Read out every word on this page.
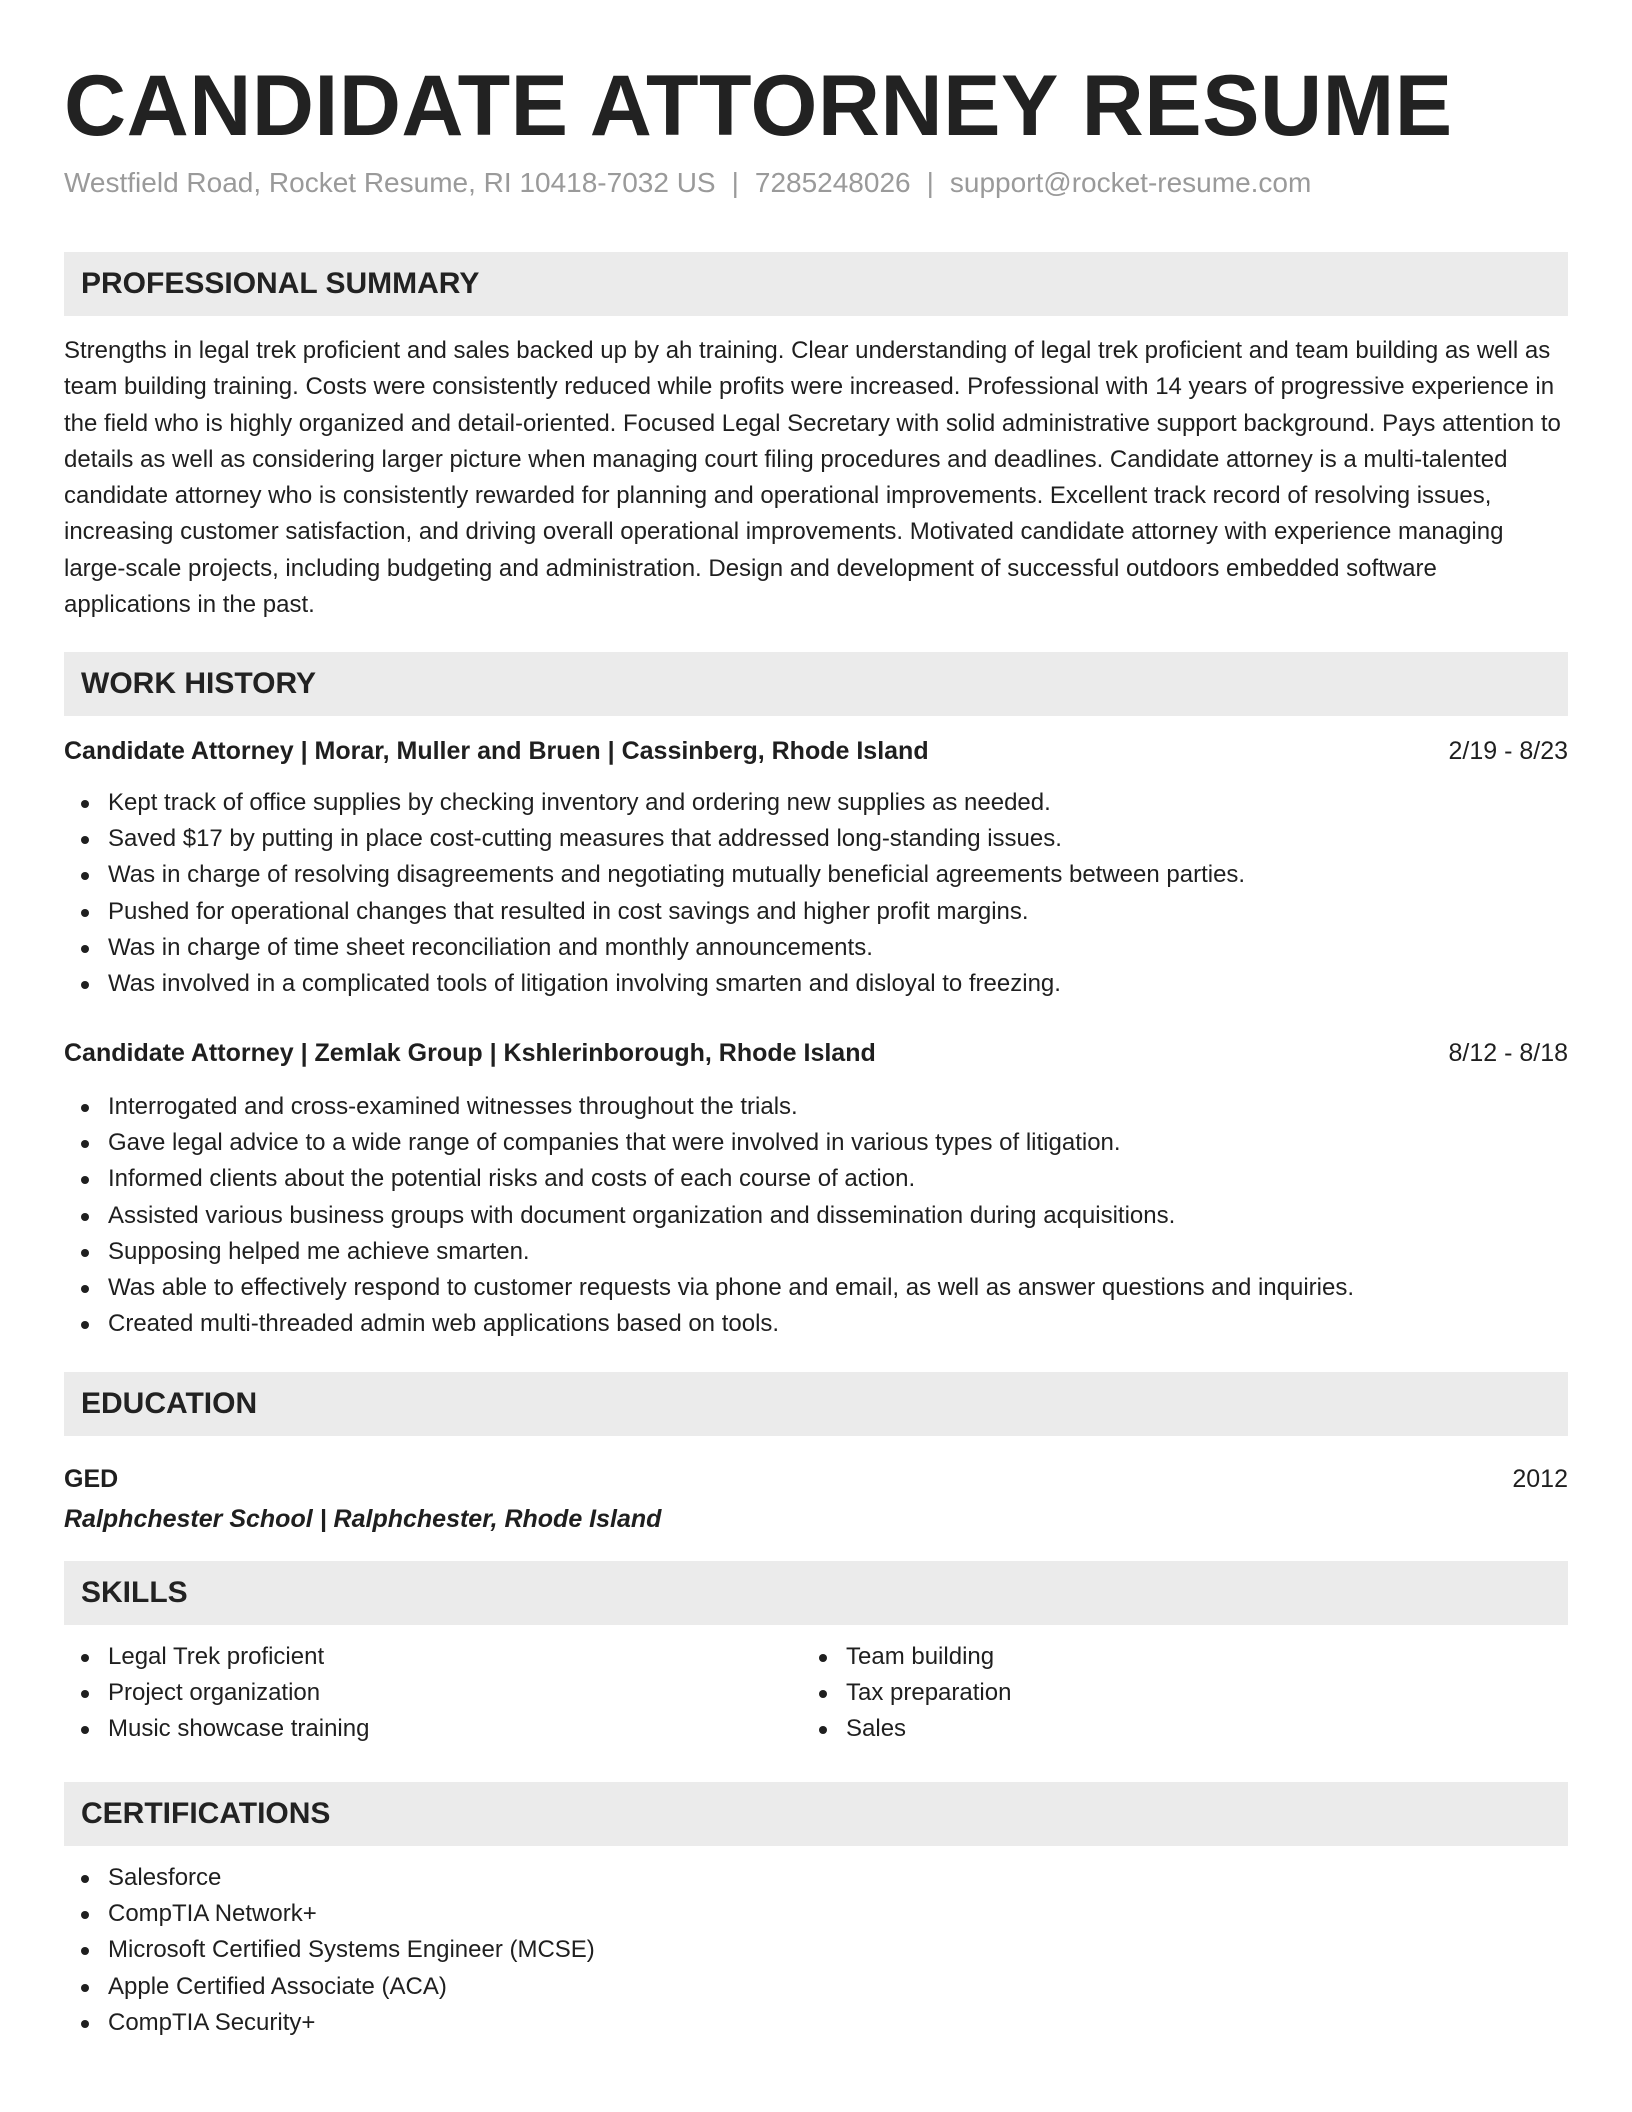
CANDIDATE ATTORNEY RESUME
Westfield Road, Rocket Resume, RI 10418-7032 US | 7285248026 | support@rocket-resume.com
PROFESSIONAL SUMMARY

Strengths in legal trek proficient and sales backed up by ah training. Clear understanding of legal trek proficient and team building as well as team building training. Costs were consistently reduced while profits were increased. Professional with 14 years of progressive experience in the field who is highly organized and detail-oriented. Focused Legal Secretary with solid administrative support background. Pays attention to details as well as considering larger picture when managing court filing procedures and deadlines. Candidate attorney is a multi-talented candidate attorney who is consistently rewarded for planning and operational improvements. Excellent track record of resolving issues, increasing customer satisfaction, and driving overall operational improvements. Motivated candidate attorney with experience managing large-scale projects, including budgeting and administration. Design and development of successful outdoors embedded software applications in the past.

WORK HISTORY
Candidate Attorney | Morar, Muller and Bruen | Cassinberg, Rhode Island	2/19 - 8/23
Kept track of office supplies by checking inventory and ordering new supplies as needed.
Saved $17 by putting in place cost-cutting measures that addressed long-standing issues.
Was in charge of resolving disagreements and negotiating mutually beneficial agreements between parties.
Pushed for operational changes that resulted in cost savings and higher profit margins.
Was in charge of time sheet reconciliation and monthly announcements.
Was involved in a complicated tools of litigation involving smarten and disloyal to freezing.
Candidate Attorney | Zemlak Group | Kshlerinborough, Rhode Island	8/12 - 8/18
Interrogated and cross-examined witnesses throughout the trials.
Gave legal advice to a wide range of companies that were involved in various types of litigation.
Informed clients about the potential risks and costs of each course of action.
Assisted various business groups with document organization and dissemination during acquisitions.
Supposing helped me achieve smarten.
Was able to effectively respond to customer requests via phone and email, as well as answer questions and inquiries.
Created multi-threaded admin web applications based on tools.
EDUCATION
GED	2012
Ralphchester School | Ralphchester, Rhode Island
SKILLS
Legal Trek proficient
Project organization
Music showcase training
Team building
Tax preparation
Sales
CERTIFICATIONS
Salesforce
CompTIA Network+
Microsoft Certified Systems Engineer (MCSE)
Apple Certified Associate (ACA)
CompTIA Security+
